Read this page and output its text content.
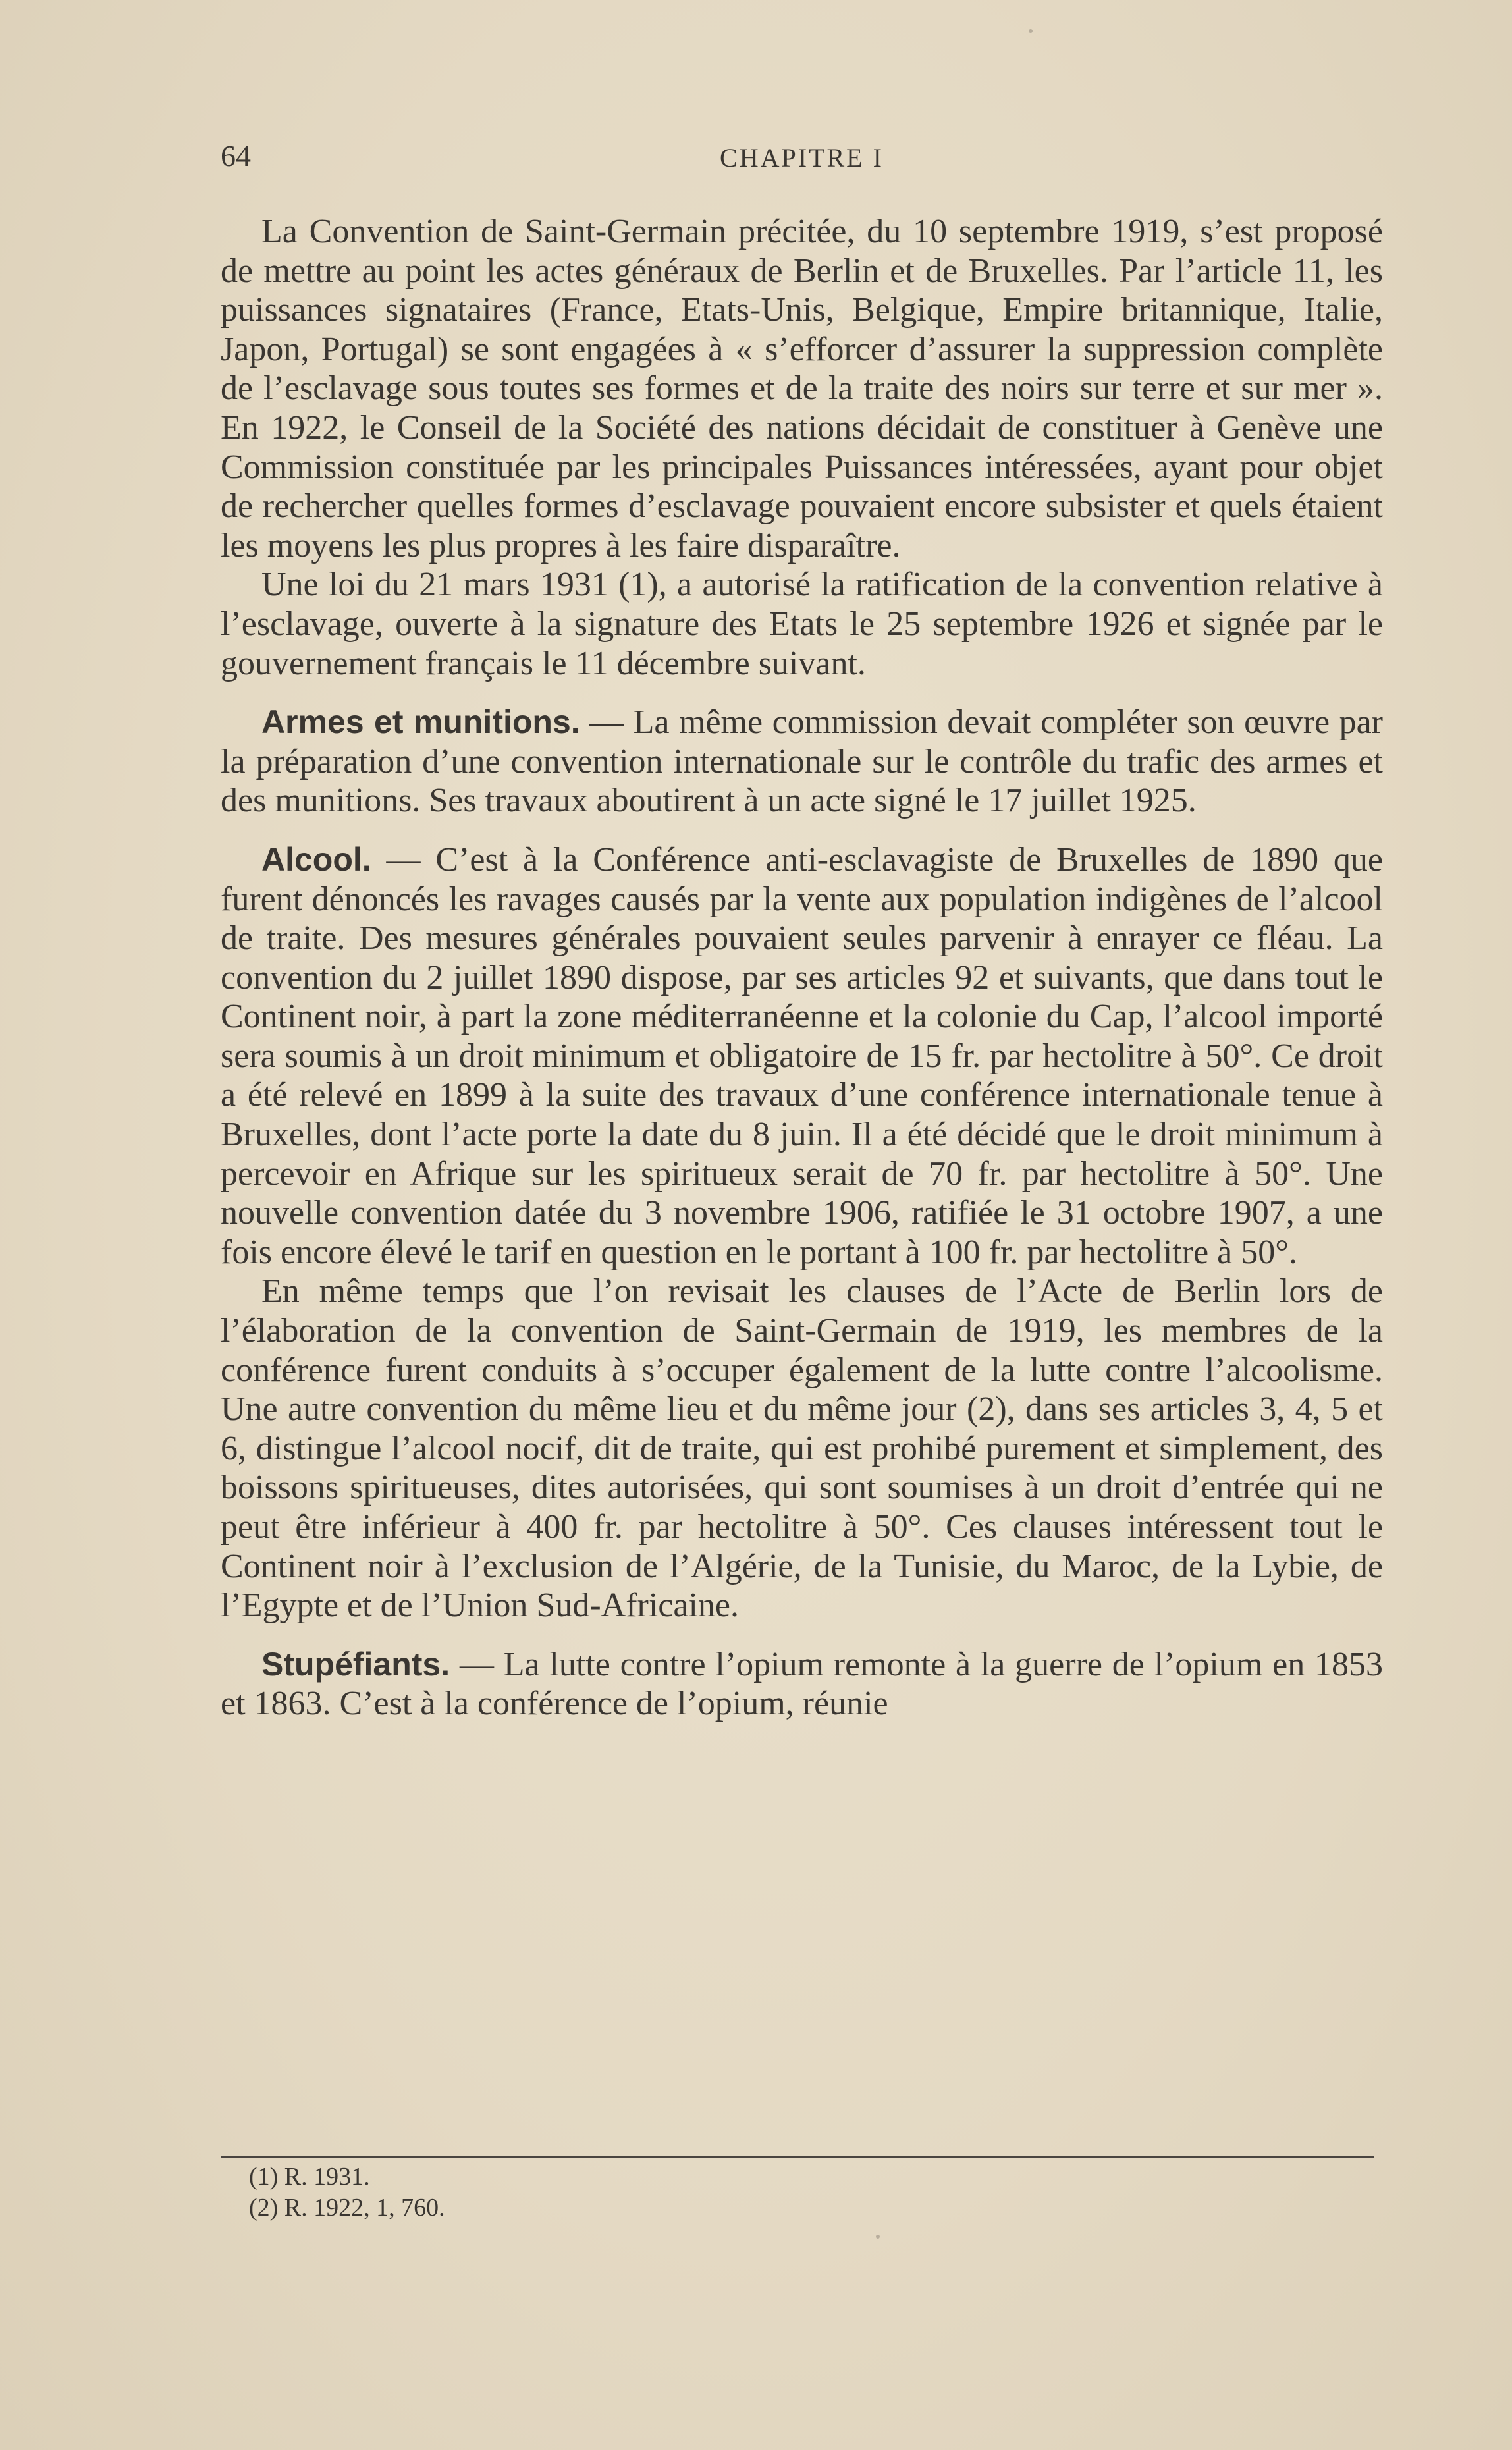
64	CHAPITRE I

La Convention de Saint-Germain précitée, du 10 septembre 1919, s’est proposé de mettre au point les actes généraux de Berlin et de Bruxelles. Par l’article 11, les puissances signataires (France, Etats-Unis, Belgique, Empire britannique, Italie, Japon, Portugal) se sont engagées à « s’efforcer d’assurer la suppression complète de l’esclavage sous toutes ses formes et de la traite des noirs sur terre et sur mer ». En 1922, le Conseil de la Société des nations décidait de constituer à Genève une Commission constituée par les principales Puissances intéressées, ayant pour objet de rechercher quelles formes d’esclavage pouvaient encore subsister et quels étaient les moyens les plus propres à les faire disparaître.

Une loi du 21 mars 1931 (1), a autorisé la ratification de la convention relative à l’esclavage, ouverte à la signature des Etats le 25 septembre 1926 et signée par le gouvernement français le 11 décembre suivant.

Armes et munitions. — La même commission devait compléter son œuvre par la préparation d’une convention internationale sur le contrôle du trafic des armes et des munitions. Ses travaux aboutirent à un acte signé le 17 juillet 1925.

Alcool. — C’est à la Conférence anti-esclavagiste de Bruxelles de 1890 que furent dénoncés les ravages causés par la vente aux population indigènes de l’alcool de traite. Des mesures générales pouvaient seules parvenir à enrayer ce fléau. La convention du 2 juillet 1890 dispose, par ses articles 92 et suivants, que dans tout le Continent noir, à part la zone méditerranéenne et la colonie du Cap, l’alcool importé sera soumis à un droit minimum et obligatoire de 15 fr. par hectolitre à 50°. Ce droit a été relevé en 1899 à la suite des travaux d’une conférence internationale tenue à Bruxelles, dont l’acte porte la date du 8 juin. Il a été décidé que le droit minimum à percevoir en Afrique sur les spiritueux serait de 70 fr. par hectolitre à 50°. Une nouvelle convention datée du 3 novembre 1906, ratifiée le 31 octobre 1907, a une fois encore élevé le tarif en question en le portant à 100 fr. par hectolitre à 50°.

En même temps que l’on revisait les clauses de l’Acte de Berlin lors de l’élaboration de la convention de Saint-Germain de 1919, les membres de la conférence furent conduits à s’occuper également de la lutte contre l’alcoolisme. Une autre convention du même lieu et du même jour (2), dans ses articles 3, 4, 5 et 6, distingue l’alcool nocif, dit de traite, qui est prohibé purement et simplement, des boissons spiritueuses, dites autorisées, qui sont soumises à un droit d’entrée qui ne peut être inférieur à 400 fr. par hectolitre à 50°. Ces clauses intéressent tout le Continent noir à l’exclusion de l’Algérie, de la Tunisie, du Maroc, de la Lybie, de l’Egypte et de l’Union Sud-Africaine.

Stupéfiants. — La lutte contre l’opium remonte à la guerre de l’opium en 1853 et 1863. C’est à la conférence de l’opium, réunie

(1) R. 1931.

(2) R. 1922, 1, 760.
